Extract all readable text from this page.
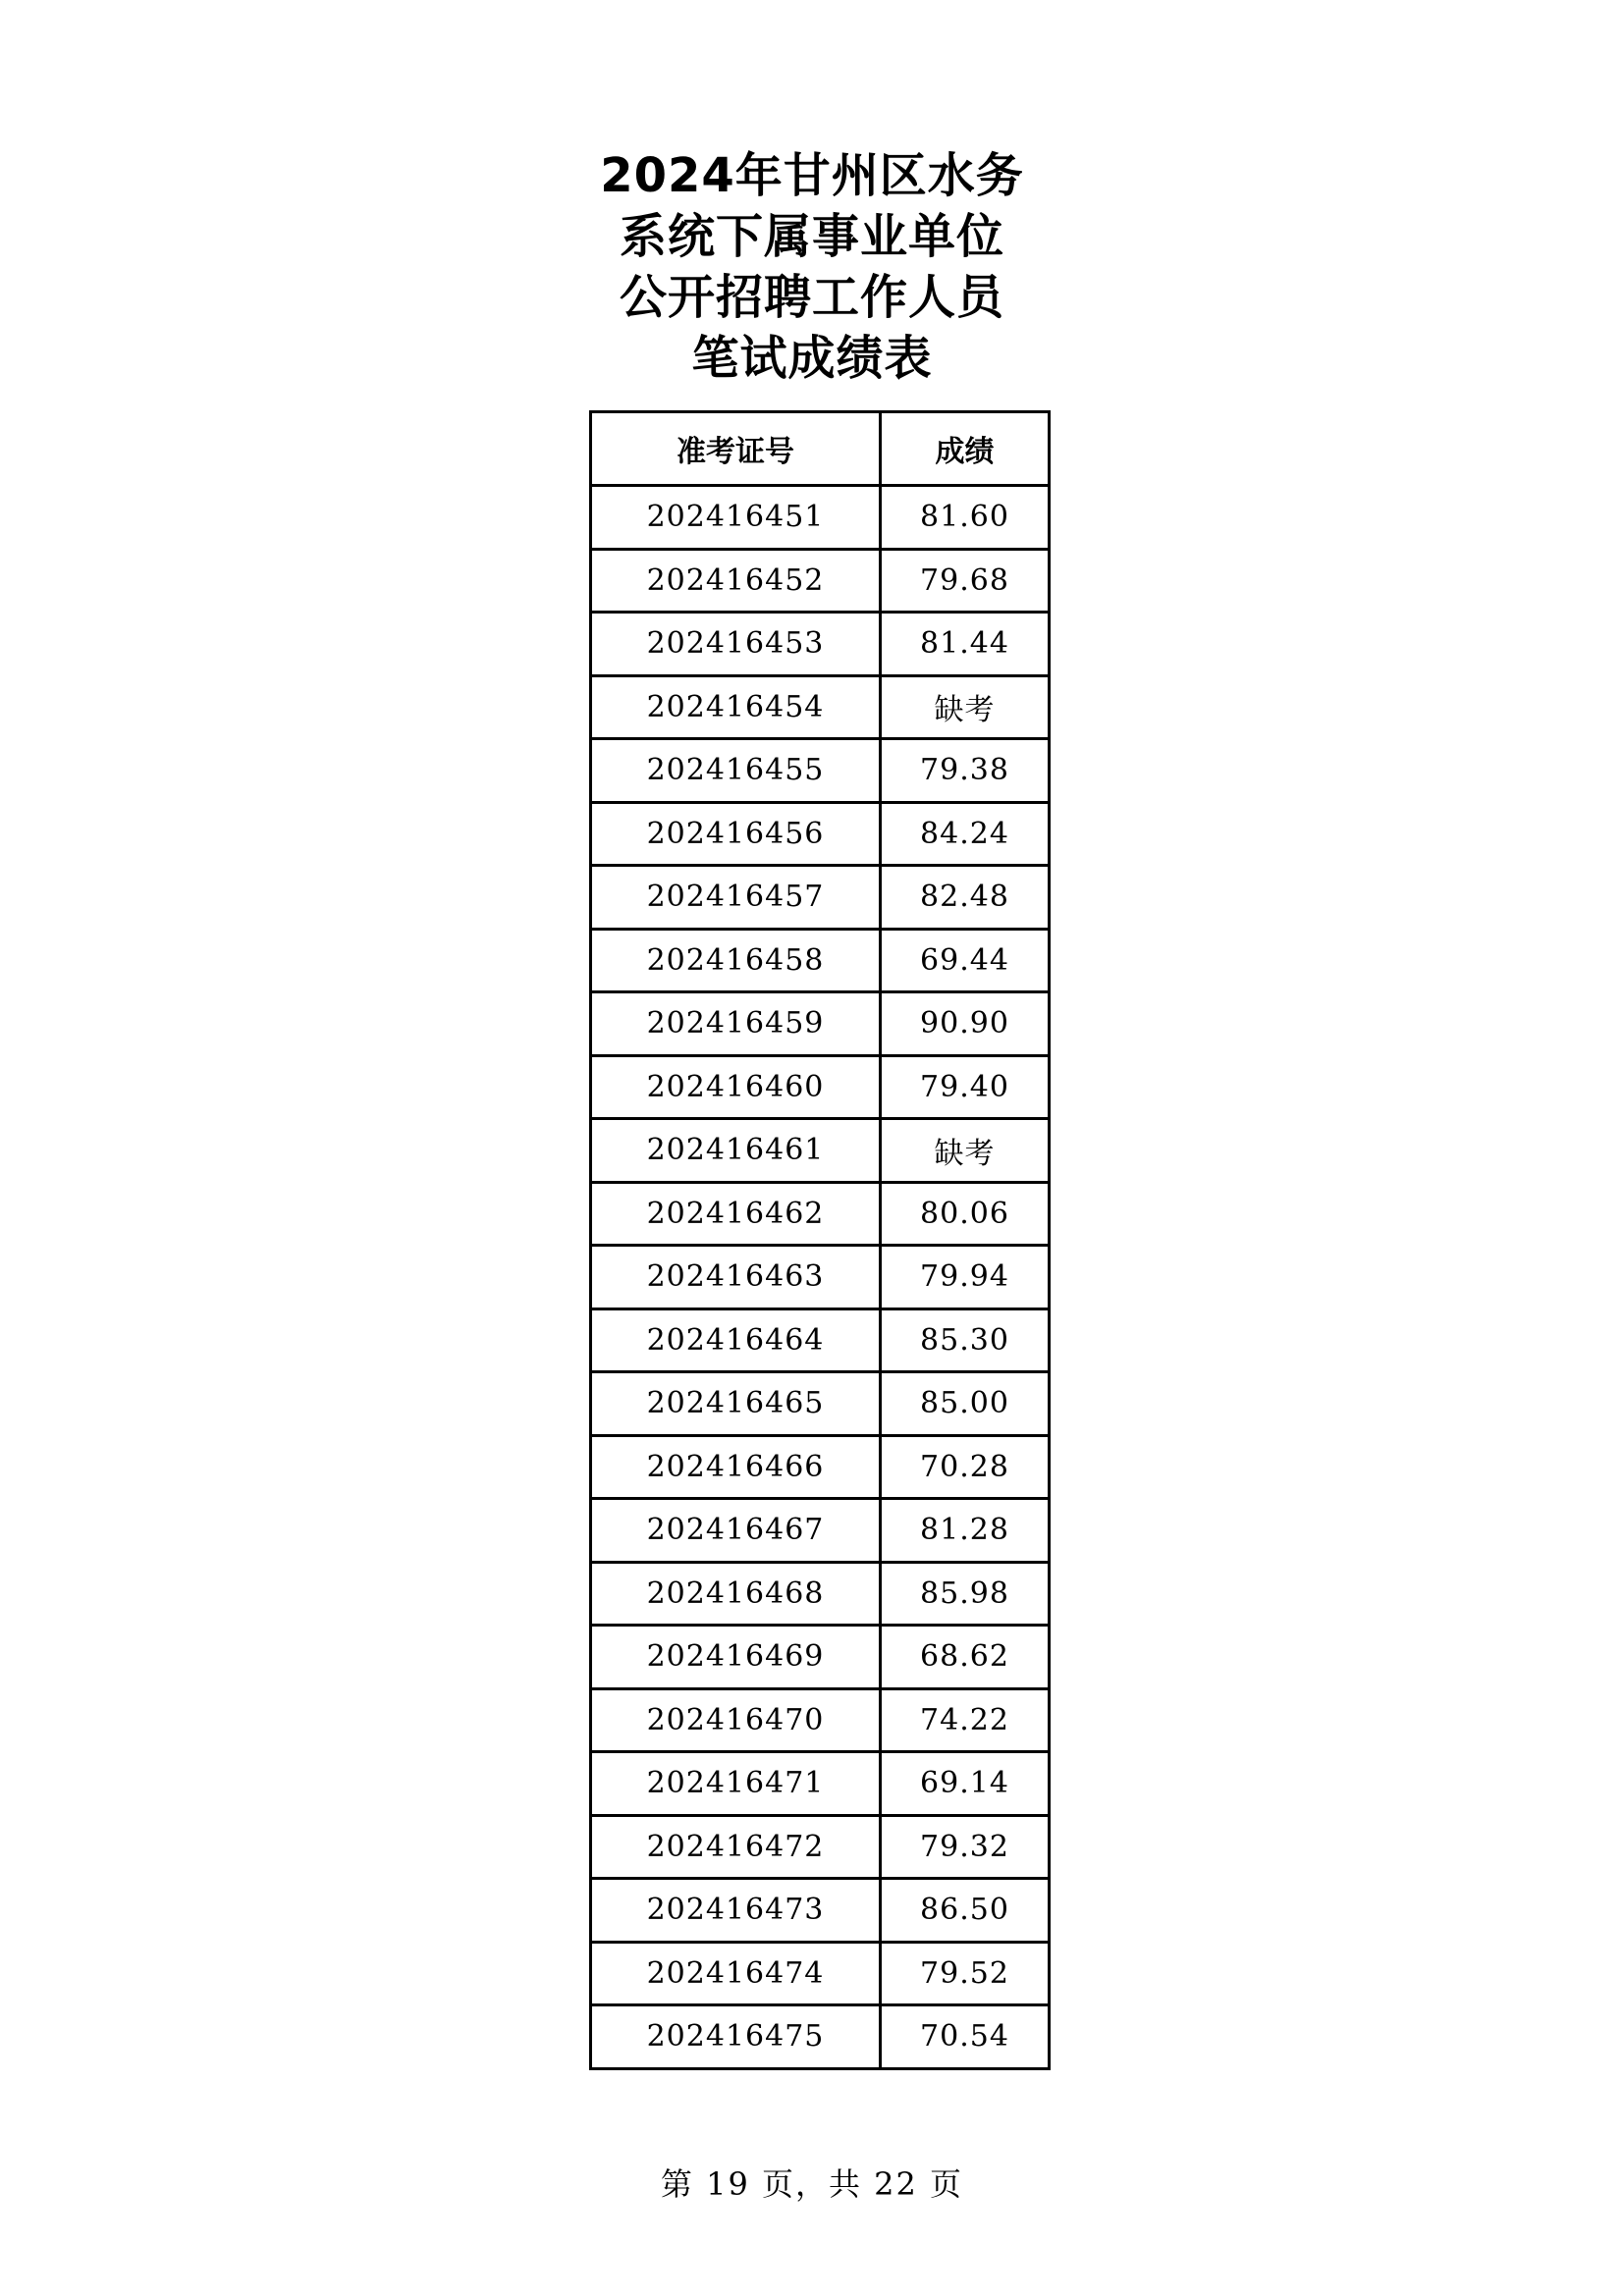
2024年甘州区水务
系统下属事业单位
公开招聘工作人员
笔试成绩表
准考证号	成绩
202416451	81.60
202416452	79.68
202416453	81.44
202416454	缺考
202416455	79.38
202416456	84.24
202416457	82.48
202416458	69.44
202416459	90.90
202416460	79.40
202416461	缺考
202416462	80.06
202416463	79.94
202416464	85.30
202416465	85.00
202416466	70.28
202416467	81.28
202416468	85.98
202416469	68.62
202416470	74.22
202416471	69.14
202416472	79.32
202416473	86.50
202416474	79.52
202416475	70.54
第 19 页，共 22 页
